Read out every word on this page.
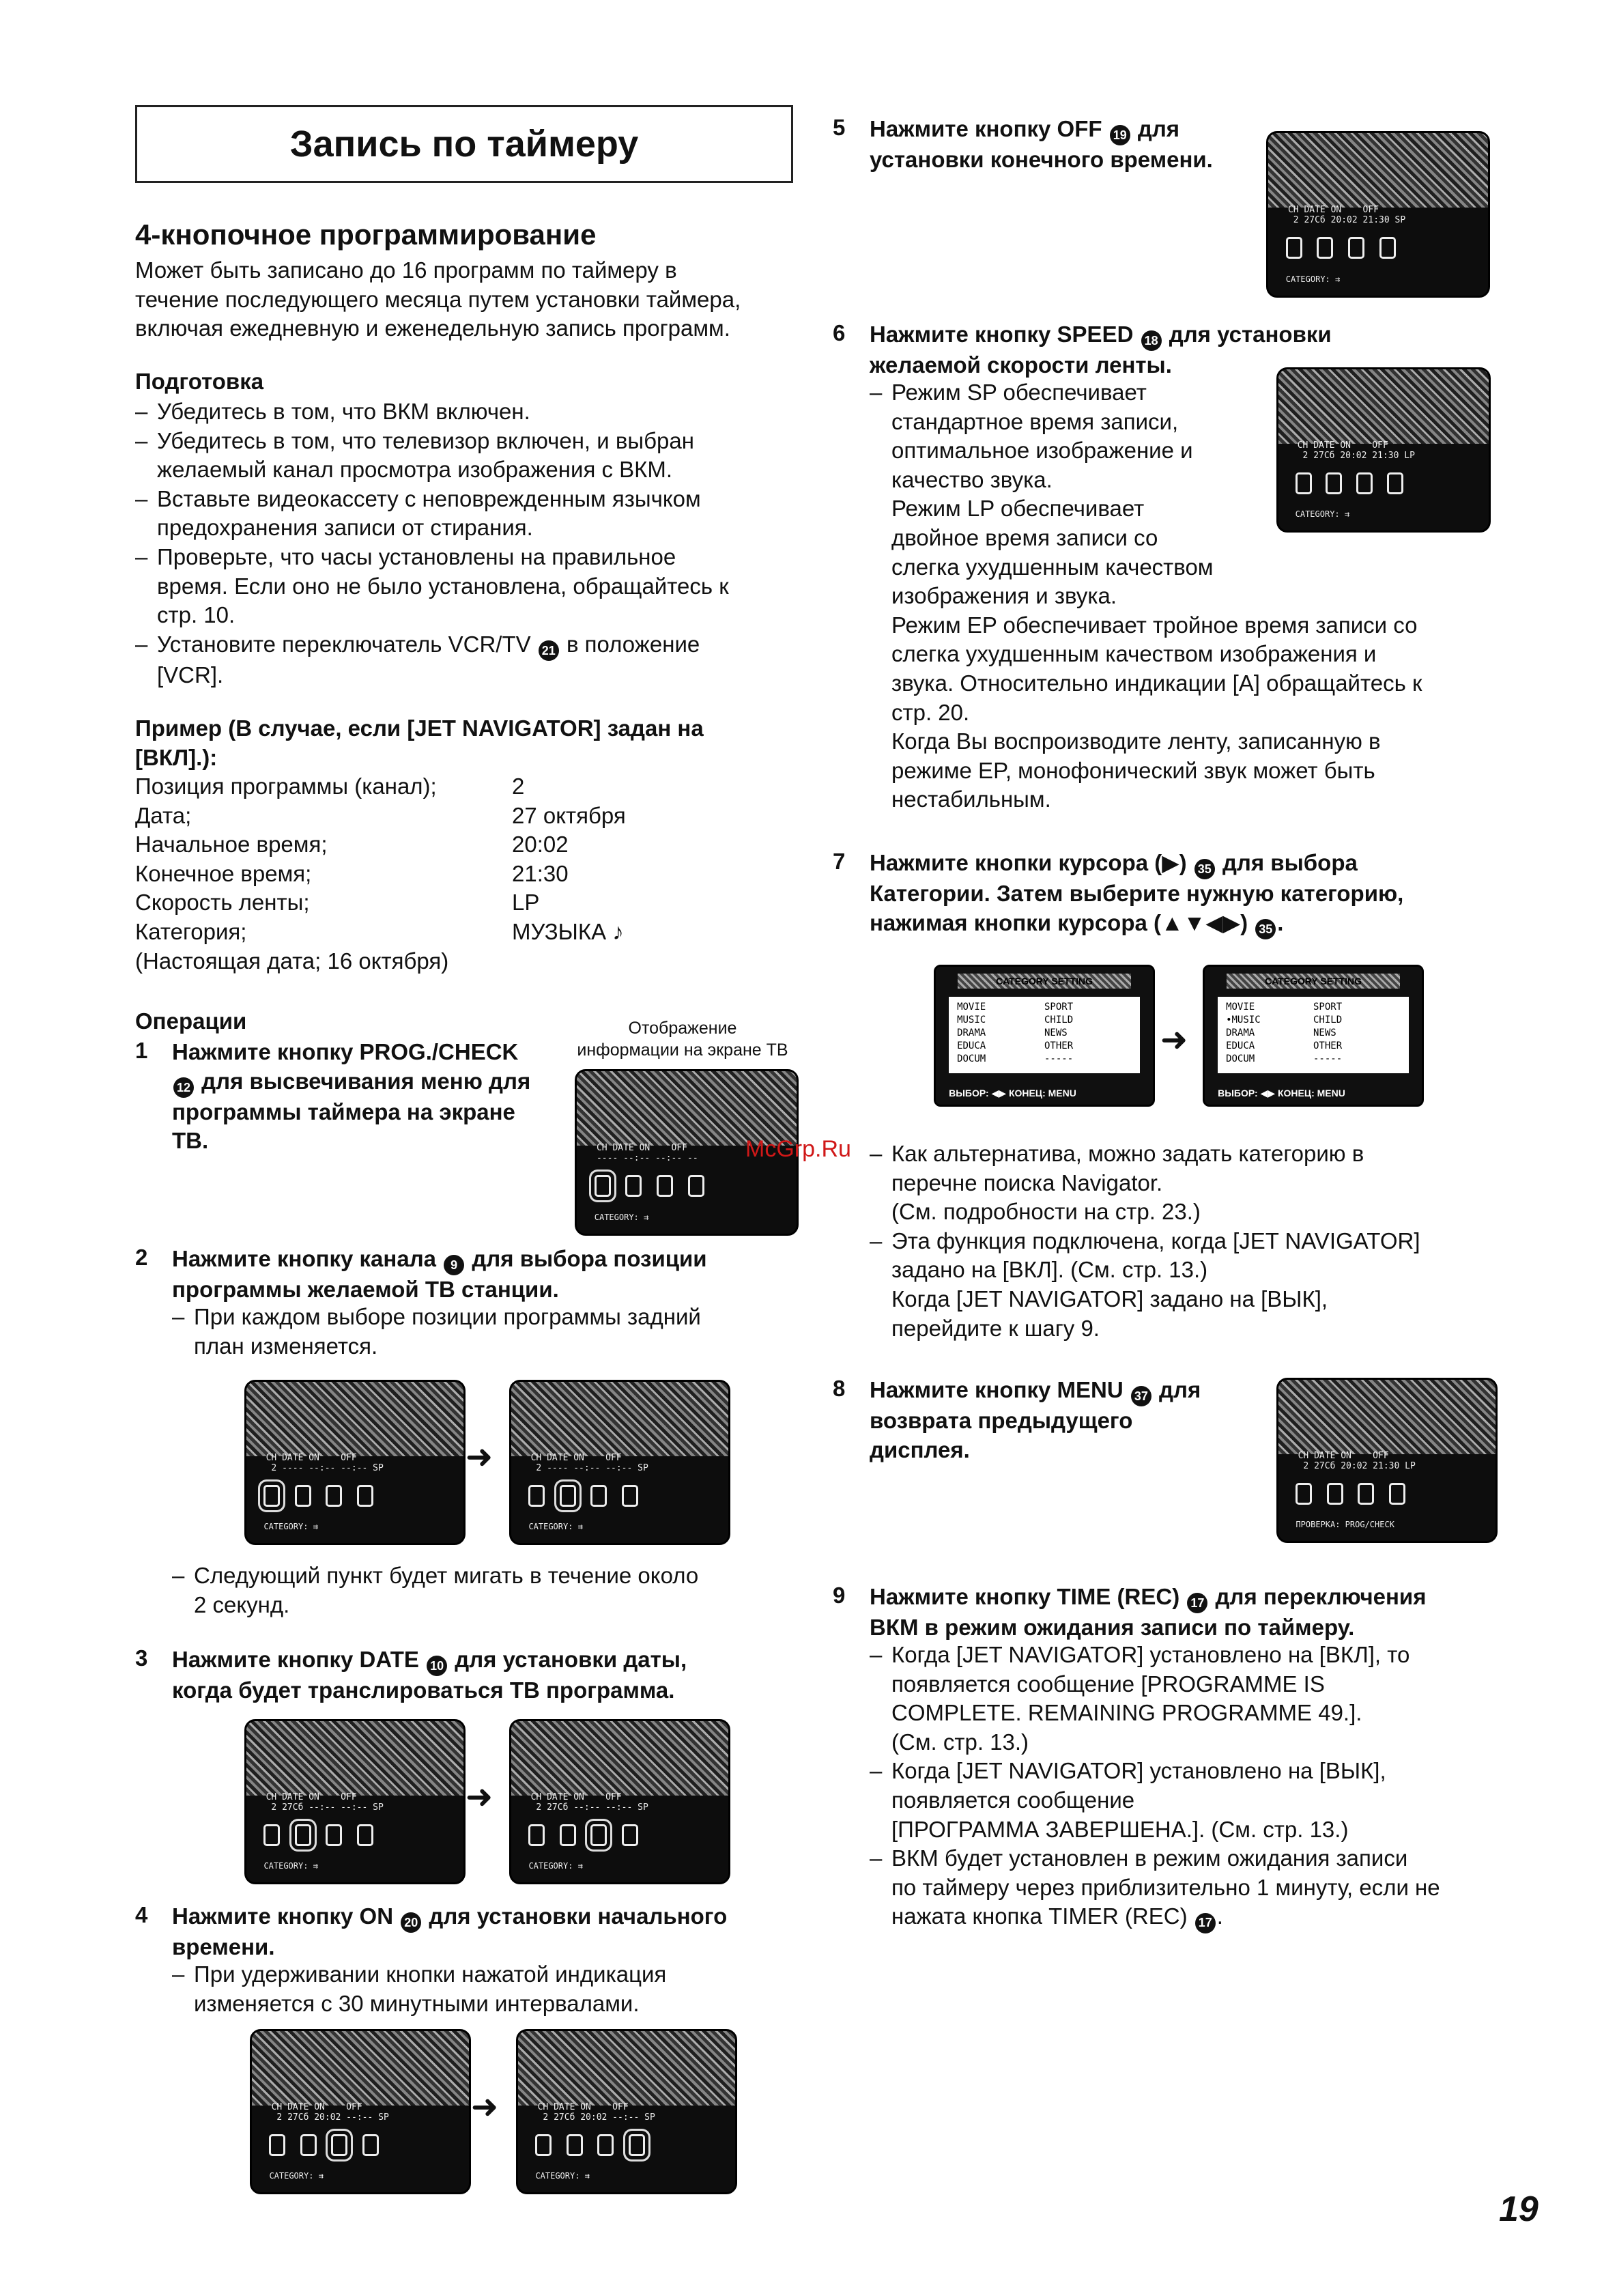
Запись по таймеру
4-кнопочное программирование
Может быть записано до 16 программ по таймеру в
течение последующего месяца путем установки таймера,
включая ежедневную и еженедельную запись программ.
Подготовка
– Убедитесь в том, что ВКМ включен.
– Убедитесь в том, что телевизор включен, и выбран
желаемый канал просмотра изображения с ВКМ.
– Вставьте видеокассету с неповрежденным язычком
предохранения записи от стирания.
– Проверьте, что часы установлены на правильное
время. Если оно не было установлена, обращайтесь к
стр. 10.
– Установите переключатель VCR/TV 21 в положение
[VCR].
Пример (В случае, если [JET NAVIGATOR] задан на
[ВКЛ].):
Позиция программы (канал);	2
Дата;	27 октября
Начальное время;	20:02
Конечное время;	21:30
Скорость ленты;	LP
Категория;	МУЗЫКА ♪
(Настоящая дата; 16 октября)
Операции	Отображение
информации на экране ТВ
1 Нажмите кнопку PROG./CHECK
12 для высвечивания меню для
программы таймера на экране
ТВ.	CH DATE ON    OFF
---- --:-- --:-- --
CATEGORY: ⇉
2 Нажмите кнопку канала 9 для выбора позиции
программы желаемой ТВ станции.
– При каждом выборе позиции программы задний
план изменяется.
CH DATE ON    OFF
2 ---- --:-- --:-- SP
CATEGORY: ⇉
➜	CH DATE ON    OFF
2 ---- --:-- --:-- SP
CATEGORY: ⇉
– Следующий пункт будет мигать в течение около
2 секунд.
3 Нажмите кнопку DATE 10 для установки даты,
когда будет транслироваться ТВ программа.
CH DATE ON    OFF
2 27Сб --:-- --:-- SP
CATEGORY: ⇉
➜	CH DATE ON    OFF
2 27Сб --:-- --:-- SP
CATEGORY: ⇉
4 Нажмите кнопку ON 20 для установки начального
времени.
– При удерживании кнопки нажатой индикация
изменяется с 30 минутными интервалами.
CH DATE ON    OFF
2 27Сб 20:02 --:-- SP
CATEGORY: ⇉
➜	CH DATE ON    OFF
2 27Сб 20:02 --:-- SP
CATEGORY: ⇉
5 Нажмите кнопку OFF 19 для
установки конечного времени.
CH DATE ON    OFF
2 27Сб 20:02 21:30 SP
CATEGORY: ⇉
6 Нажмите кнопку SPEED 18 для установки
желаемой скорости ленты.
– Режим SP обеспечивает
стандартное время записи,
оптимальное изображение и
качество звука.
Режим LP обеспечивает
двойное время записи со
слегка ухудшенным качеством
изображения и звука.
Режим EP обеспечивает тройное время записи со
слегка ухудшенным качеством изображения и
звука. Относительно индикации [A] обращайтесь к
стр. 20.
Когда Вы воспроизводите ленту, записанную в
режиме EP, монофонический звук может быть
нестабильным.
CH DATE ON    OFF
2 27Сб 20:02 21:30 LP
CATEGORY: ⇉
7 Нажмите кнопки курсора (▶) 35 для выбора
Категории. Затем выберите нужную категорию,
нажимая кнопки курсора (▲▼◀▶) 35 .
CATEGORY SETTING
MOVIE
MUSIC
DRAMA
EDUCA
DOCUM
SPORT
CHILD
NEWS
OTHER
-----
ВЫБОР: ◀▶ КОНЕЦ: MENU
➜
CATEGORY SETTING
MOVIE
•MUSIC
DRAMA
EDUCA
DOCUM
SPORT
CHILD
NEWS
OTHER
-----
ВЫБОР: ◀▶ КОНЕЦ: MENU
– Как альтернатива, можно задать категорию в
перечне поиска Navigator.
(См. подробности на стр. 23.)
– Эта функция подключена, когда [JET NAVIGATOR]
задано на [ВКЛ]. (См. стр. 13.)
Когда [JET NAVIGATOR] задано на [ВЫК],
перейдите к шагу 9.
8 Нажмите кнопку MENU 37 для
возврата предыдущего
дисплея.	CH DATE ON    OFF
2 27Сб 20:02 21:30 LP
ПРОВЕРКА: PROG/CHECK
9 Нажмите кнопку TIME (REC) 17 для переключения
ВКМ в режим ожидания записи по таймеру.
– Когда [JET NAVIGATOR] установлено на [ВКЛ], то
появляется сообщение [PROGRAMME IS
COMPLETE. REMAINING PROGRAMME 49.].
(См. стр. 13.)
– Когда [JET NAVIGATOR] установлено на [ВЫК],
появляется сообщение
[ПРОГРАММА ЗАВЕРШЕНА.]. (См. стр. 13.)
– ВКМ будет установлен в режим ожидания записи
по таймеру через приблизительно 1 минуту, если не
нажата кнопка TIMER (REC) 17 .
McGrp.Ru
19
